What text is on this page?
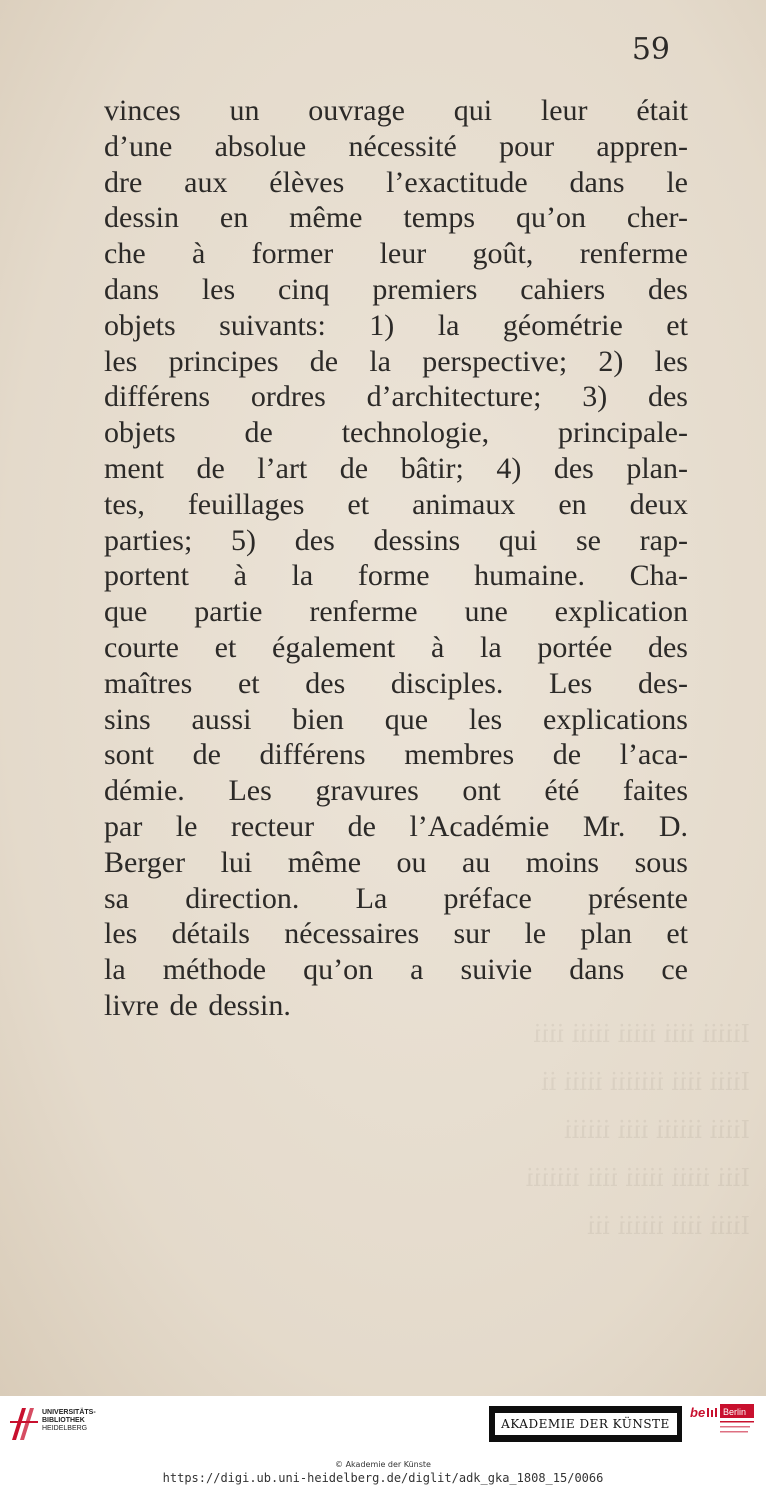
59
vinces un ouvrage qui leur était
d’une absolue nécessité pour appren-
dre aux élèves l’exactitude dans le
dessin en même temps qu’on cher-
che à former leur goût, renferme
dans les cinq premiers cahiers des
objets suivants: 1) la géométrie et
les principes de la perspective; 2) les
différens ordres d’architecture; 3) des
objets de technologie, principale-
ment de l’art de bâtir; 4) des plan-
tes, feuillages et animaux en deux
parties; 5) des dessins qui se rap-
portent à la forme humaine. Cha-
que partie renferme une explication
courte et également à la portée des
maîtres et des disciples. Les des-
sins aussi bien que les explications
sont de différens membres de l’aca-
démie. Les gravures ont été faites
par le recteur de l’Académie Mr. D.
Berger lui même ou au moins sous
sa direction. La préface présente
les détails nécessaires sur le plan et
la méthode qu’on a suivie dans ce
livre de dessin.
Iiiiii iiii iiiii iiiii iiii
Iiiii iiii iiiiiii iiiii ii
Iiiii iiiiii iiii iiiiii
Iiii iiiii iiiii iiii iiiiiii
Iiiii iiii iiiiii iii
UNIVERSITÄTS-
BIBLIOTHEK
HEIDELBERG	AKADEMIE DER KÜNSTE
be Berlin
© Akademie der Künste
https://digi.ub.uni-heidelberg.de/diglit/adk_gka_1808_15/0066
